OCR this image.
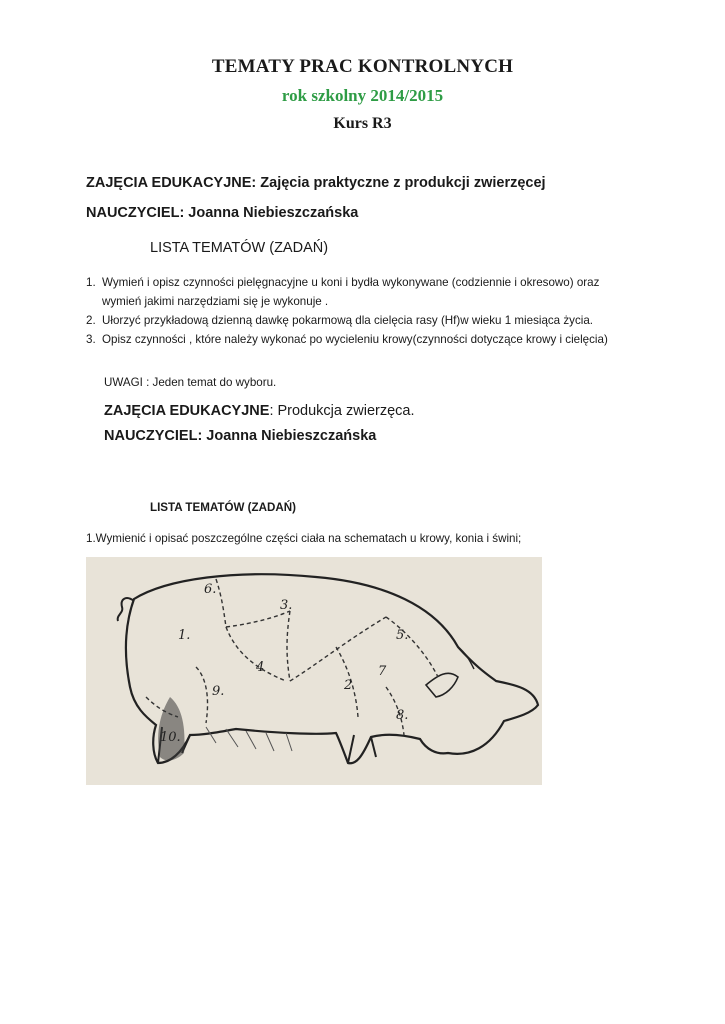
TEMATY PRAC KONTROLNYCH
rok szkolny 2014/2015
Kurs R3
ZAJĘCIA EDUKACYJNE: Zajęcia praktyczne z produkcji zwierzęcej
NAUCZYCIEL: Joanna Niebieszczańska
LISTA TEMATÓW (ZADAŃ)
1. Wymień i opisz czynności pielęgnacyjne u koni i bydła wykonywane (codziennie i okresowo) oraz
wymień jakimi narzędziami się je wykonuje .
2. Ułorzyć przykładową dzienną dawkę pokarmową dla cielęcia rasy (Hf)w wieku 1 miesiąca życia.
3. Opisz czynności , które należy wykonać po wycieleniu krowy(czynności dotyczące krowy i cielęcia)
UWAGI : Jeden temat do wyboru.
ZAJĘCIA EDUKACYJNE: Produkcja zwierzęca.
NAUCZYCIEL: Joanna Niebieszczańska
LISTA TEMATÓW (ZADAŃ)
1.Wymienić i opisać poszczególne części ciała na schematach u krowy, konia i świni;
1.
2
3.
4
5.
6.
7
8.
9.
10.
